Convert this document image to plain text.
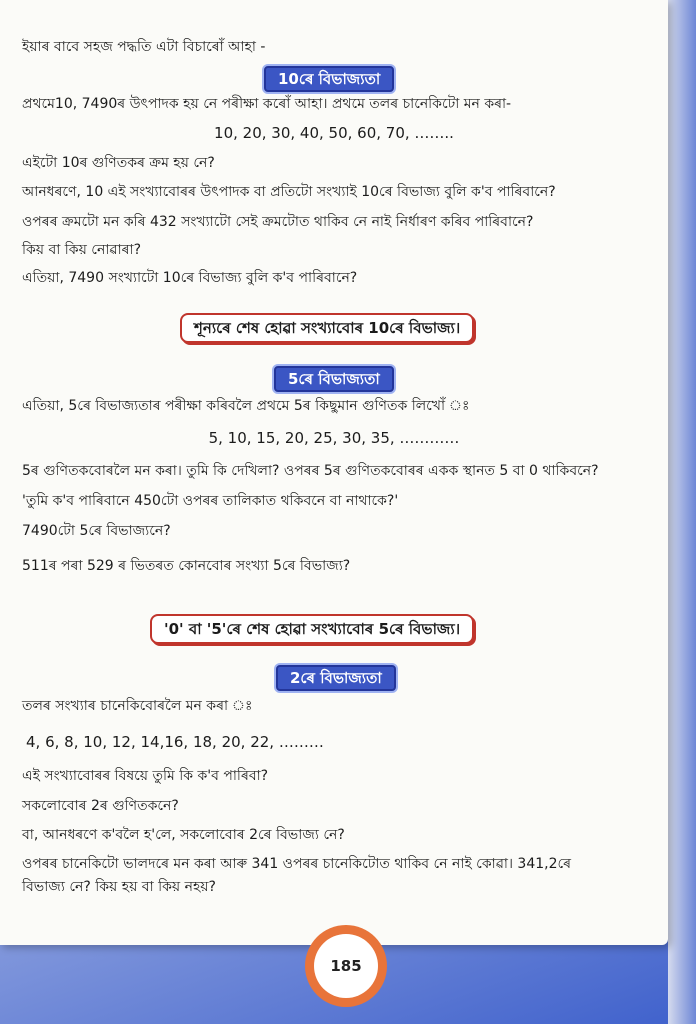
ইয়াৰ বাবে সহজ পদ্ধতি এটা বিচাৰোঁ আহা -
10ৰে বিভাজ্যতা
প্ৰথমে10, 7490ৰ উৎপাদক হয় নে পৰীক্ষা কৰোঁ আহা। প্ৰথমে তলৰ চানেকিটো মন কৰা-
10, 20, 30, 40, 50, 60, 70, ……..
এইটো 10ৰ গুণিতকৰ ক্ৰম হয় নে?
আনধৰণে, 10 এই সংখ্যাবোৰৰ উৎপাদক বা প্ৰতিটো সংখ্যাই 10ৰে বিভাজ্য বুলি ক'ব পাৰিবানে?
ওপৰৰ ক্ৰমটো মন কৰি 432 সংখ্যাটো সেই ক্ৰমটোত থাকিব নে নাই নিৰ্ধাৰণ কৰিব পাৰিবানে?
কিয় বা কিয় নোৱাৰা?
এতিয়া, 7490 সংখ্যাটো 10ৰে বিভাজ্য বুলি ক'ব পাৰিবানে?
শূন্যৰে শেষ হোৱা সংখ্যাবোৰ 10ৰে বিভাজ্য।
5ৰে বিভাজ্যতা
এতিয়া, 5ৰে বিভাজ্যতাৰ পৰীক্ষা কৰিবলৈ প্ৰথমে 5ৰ কিছুমান গুণিতক লিখোঁ ঃ
5, 10, 15, 20, 25, 30, 35, …………
5ৰ গুণিতকবোৰলৈ মন কৰা। তুমি কি দেখিলা? ওপৰৰ 5ৰ গুণিতকবোৰৰ একক স্থানত 5 বা 0 থাকিবনে?
'তুমি ক'ব পাৰিবানে 450টো ওপৰৰ তালিকাত থকিবনে বা নাথাকে?'
7490টো 5ৰে বিভাজ্যনে?
511ৰ পৰা 529 ৰ ভিতৰত কোনবোৰ সংখ্যা 5ৰে বিভাজ্য?
'0' বা '5'ৰে শেষ হোৱা সংখ্যাবোৰ 5ৰে বিভাজ্য।
2ৰে বিভাজ্যতা
তলৰ সংখ্যাৰ চানেকিবোৰলৈ মন কৰা ঃ
4, 6, 8, 10, 12, 14,16, 18, 20, 22, ………
এই সংখ্যাবোৰৰ বিষয়ে তুমি কি ক'ব পাৰিবা?
সকলোবোৰ 2ৰ গুণিতকনে?
বা, আনধৰণে ক'বলৈ হ'লে, সকলোবোৰ 2ৰে বিভাজ্য নে?
ওপৰৰ চানেকিটো ভালদৰে মন কৰা আৰু 341 ওপৰৰ চানেকিটোত থাকিব নে নাই কোৱা। 341,2ৰে
বিভাজ্য নে? কিয় হয় বা কিয় নহয়?
185
